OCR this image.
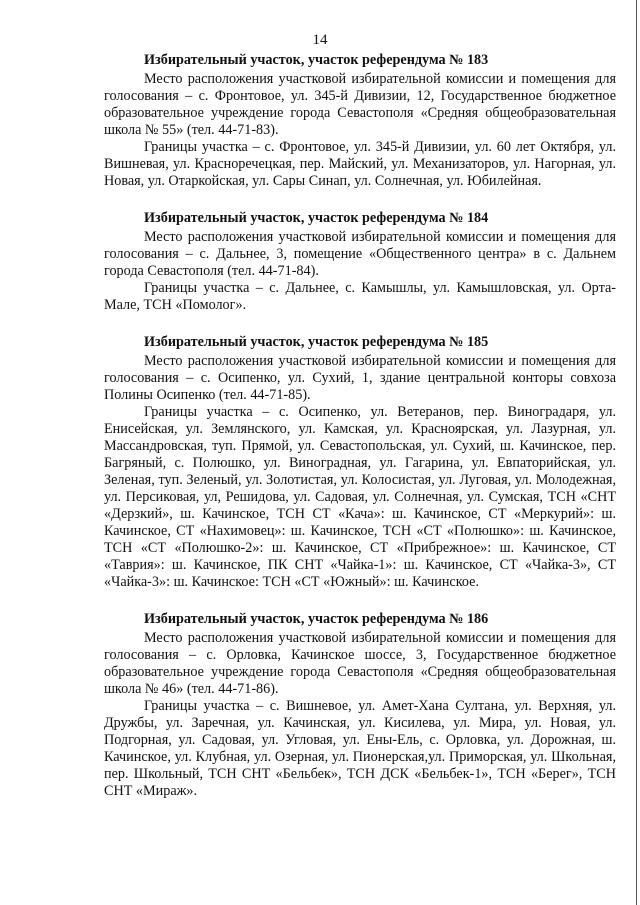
14

Избирательный участок, участок референдума № 183

Место расположения участковой избирательной комиссии и помещения для голосования – с. Фронтовое, ул. 345-й Дивизии, 12, Государственное бюджетное образовательное учреждение города Севастополя «Средняя общеобразовательная школа № 55» (тел. 44-71-83).

Границы участка – с. Фронтовое, ул. 345-й Дивизии, ул. 60 лет Октября, ул. Вишневая, ул. Красноречецкая, пер. Майский, ул. Механизаторов, ул. Нагорная, ул. Новая, ул. Отаркойская, ул. Сары Синап, ул. Солнечная, ул. Юбилейная.

Избирательный участок, участок референдума № 184

Место расположения участковой избирательной комиссии и помещения для голосования – с. Дальнее, 3, помещение «Общественного центра» в с. Дальнем города Севастополя (тел. 44-71-84).

Границы участка – с. Дальнее, с. Камышлы, ул. Камышловская, ул. Орта-Мале, ТСН «Помолог».

Избирательный участок, участок референдума № 185

Место расположения участковой избирательной комиссии и помещения для голосования – с. Осипенко, ул. Сухий, 1, здание центральной конторы совхоза Полины Осипенко (тел. 44-71-85).

Границы участка – с. Осипенко, ул. Ветеранов, пер. Виноградаря, ул. Енисейская, ул. Землянского, ул. Камская, ул. Красноярская, ул. Лазурная, ул. Массандровская, туп. Прямой, ул. Севастопольская, ул. Сухий, ш. Качинское, пер. Багряный, с. Полюшко, ул. Виноградная, ул. Гагарина, ул. Евпаторийская, ул. Зеленая, туп. Зеленый, ул. Золотистая, ул. Колосистая, ул. Луговая, ул. Молодежная, ул. Персиковая, ул, Решидова, ул. Садовая, ул. Солнечная, ул. Сумская, ТСН «СНТ «Дерзкий», ш. Качинское, ТСН СТ «Кача»: ш. Качинское, СТ «Меркурий»: ш. Качинское, СТ «Нахимовец»: ш. Качинское, ТСН «СТ «Полюшко»: ш. Качинское, ТСН «СТ «Полюшко-2»: ш. Качинское, СТ «Прибрежное»: ш. Качинское, СТ «Таврия»: ш. Качинское, ПК СНТ «Чайка-1»: ш. Качинское, СТ «Чайка-3», СТ «Чайка-3»: ш. Качинское: ТСН «СТ «Южный»: ш. Качинское.

Избирательный участок, участок референдума № 186

Место расположения участковой избирательной комиссии и помещения для голосования – с. Орловка, Качинское шоссе, 3, Государственное бюджетное образовательное учреждение города Севастополя «Средняя общеобразовательная школа № 46» (тел. 44-71-86).

Границы участка – с. Вишневое, ул. Амет-Хана Султана, ул. Верхняя, ул. Дружбы, ул. Заречная, ул. Качинская, ул. Кисилева, ул. Мира, ул. Новая, ул. Подгорная, ул. Садовая, ул. Угловая, ул. Ены-Ель, с. Орловка, ул. Дорожная, ш. Качинское, ул. Клубная, ул. Озерная, ул. Пионерская,ул. Приморская, ул. Школьная, пер. Школьный, ТСН СНТ «Бельбек», ТСН ДСК «Бельбек-1», ТСН «Берег», ТСН СНТ «Мираж».
